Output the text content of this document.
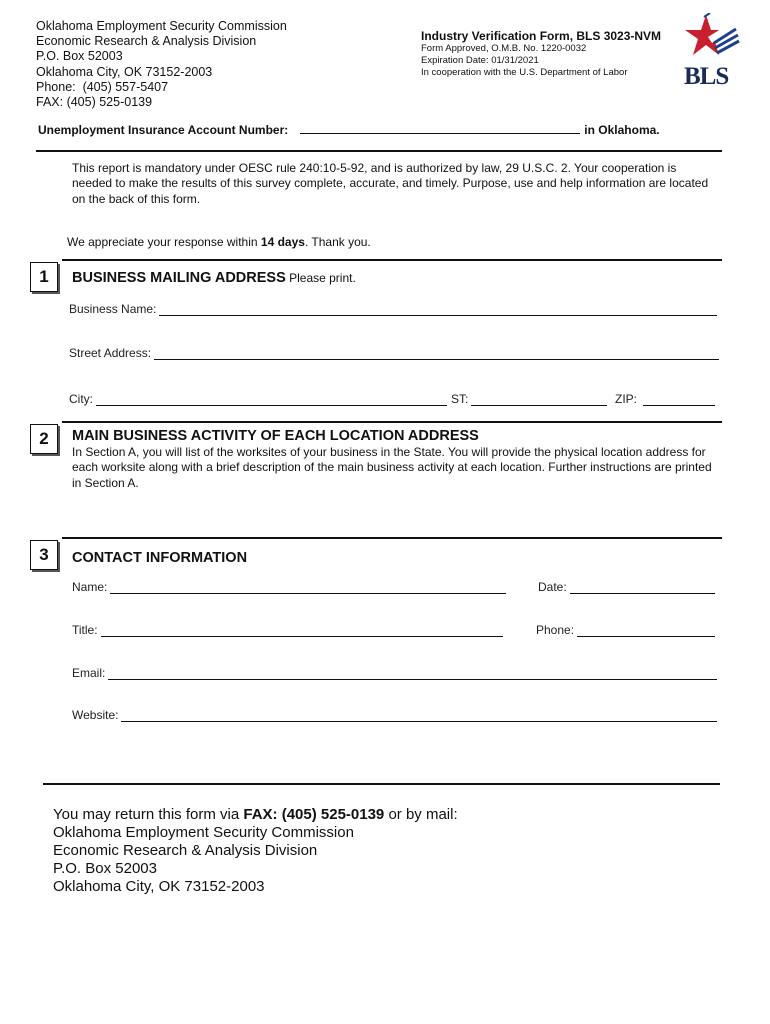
Oklahoma Employment Security Commission
Economic Research & Analysis Division
P.O. Box 52003
Oklahoma City, OK 73152-2003
Phone:  (405) 557-5407
FAX: (405) 525-0139
Industry Verification Form, BLS 3023-NVM
Form Approved, O.M.B. No. 1220-0032
Expiration Date: 01/31/2021
In cooperation with the U.S. Department of Labor	BLS
Unemployment Insurance Account Number:	in Oklahoma.
This report is mandatory under OESC rule 240:10-5-92, and is authorized by law, 29 U.S.C. 2. Your cooperation is needed to make the results of this survey complete, accurate, and timely. Purpose, use and help information are located on the back of this form.
We appreciate your response within 14 days. Thank you.
1	BUSINESS MAILING ADDRESS Please print.
Business Name:
Street Address:
City:	ST:	ZIP:
2	MAIN BUSINESS ACTIVITY OF EACH LOCATION ADDRESS
In Section A, you will list of the worksites of your business in the State. You will provide the physical location address for each worksite along with a brief description of the main business activity at each location. Further instructions are printed in Section A.
3	CONTACT INFORMATION
Name:	Date:
Title:	Phone:
Email:
Website:
You may return this form via FAX: (405) 525-0139 or by mail:
Oklahoma Employment Security Commission
Economic Research & Analysis Division
P.O. Box 52003
Oklahoma City, OK 73152-2003
